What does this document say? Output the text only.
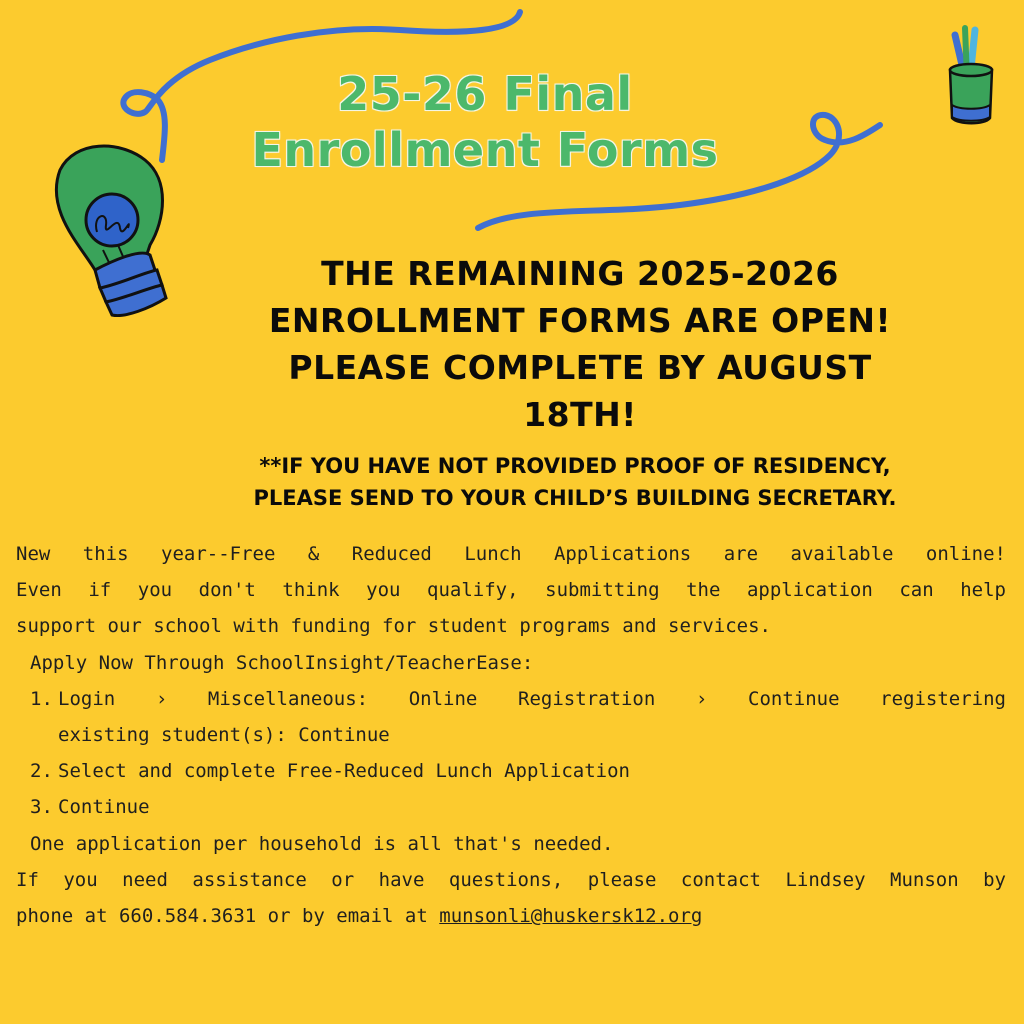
25-26 Final
Enrollment Forms
THE REMAINING 2025-2026
ENROLLMENT FORMS ARE OPEN!
PLEASE COMPLETE BY AUGUST
18TH!
**IF YOU HAVE NOT PROVIDED PROOF OF RESIDENCY,
PLEASE SEND TO YOUR CHILD’S BUILDING SECRETARY.

New this year--Free & Reduced Lunch Applications are available online!

Even if you don't think you qualify, submitting the application can help

support our school with funding for student programs and services.

Apply Now Through SchoolInsight/TeacherEase:

1. Login › Miscellaneous: Online Registration › Continue registering
existing student(s): Continue
2. Select and complete Free-Reduced Lunch Application
3. Continue

One application per household is all that's needed.

If you need assistance or have questions, please contact Lindsey Munson by

phone at 660.584.3631 or by email at munsonli@huskersk12.org
